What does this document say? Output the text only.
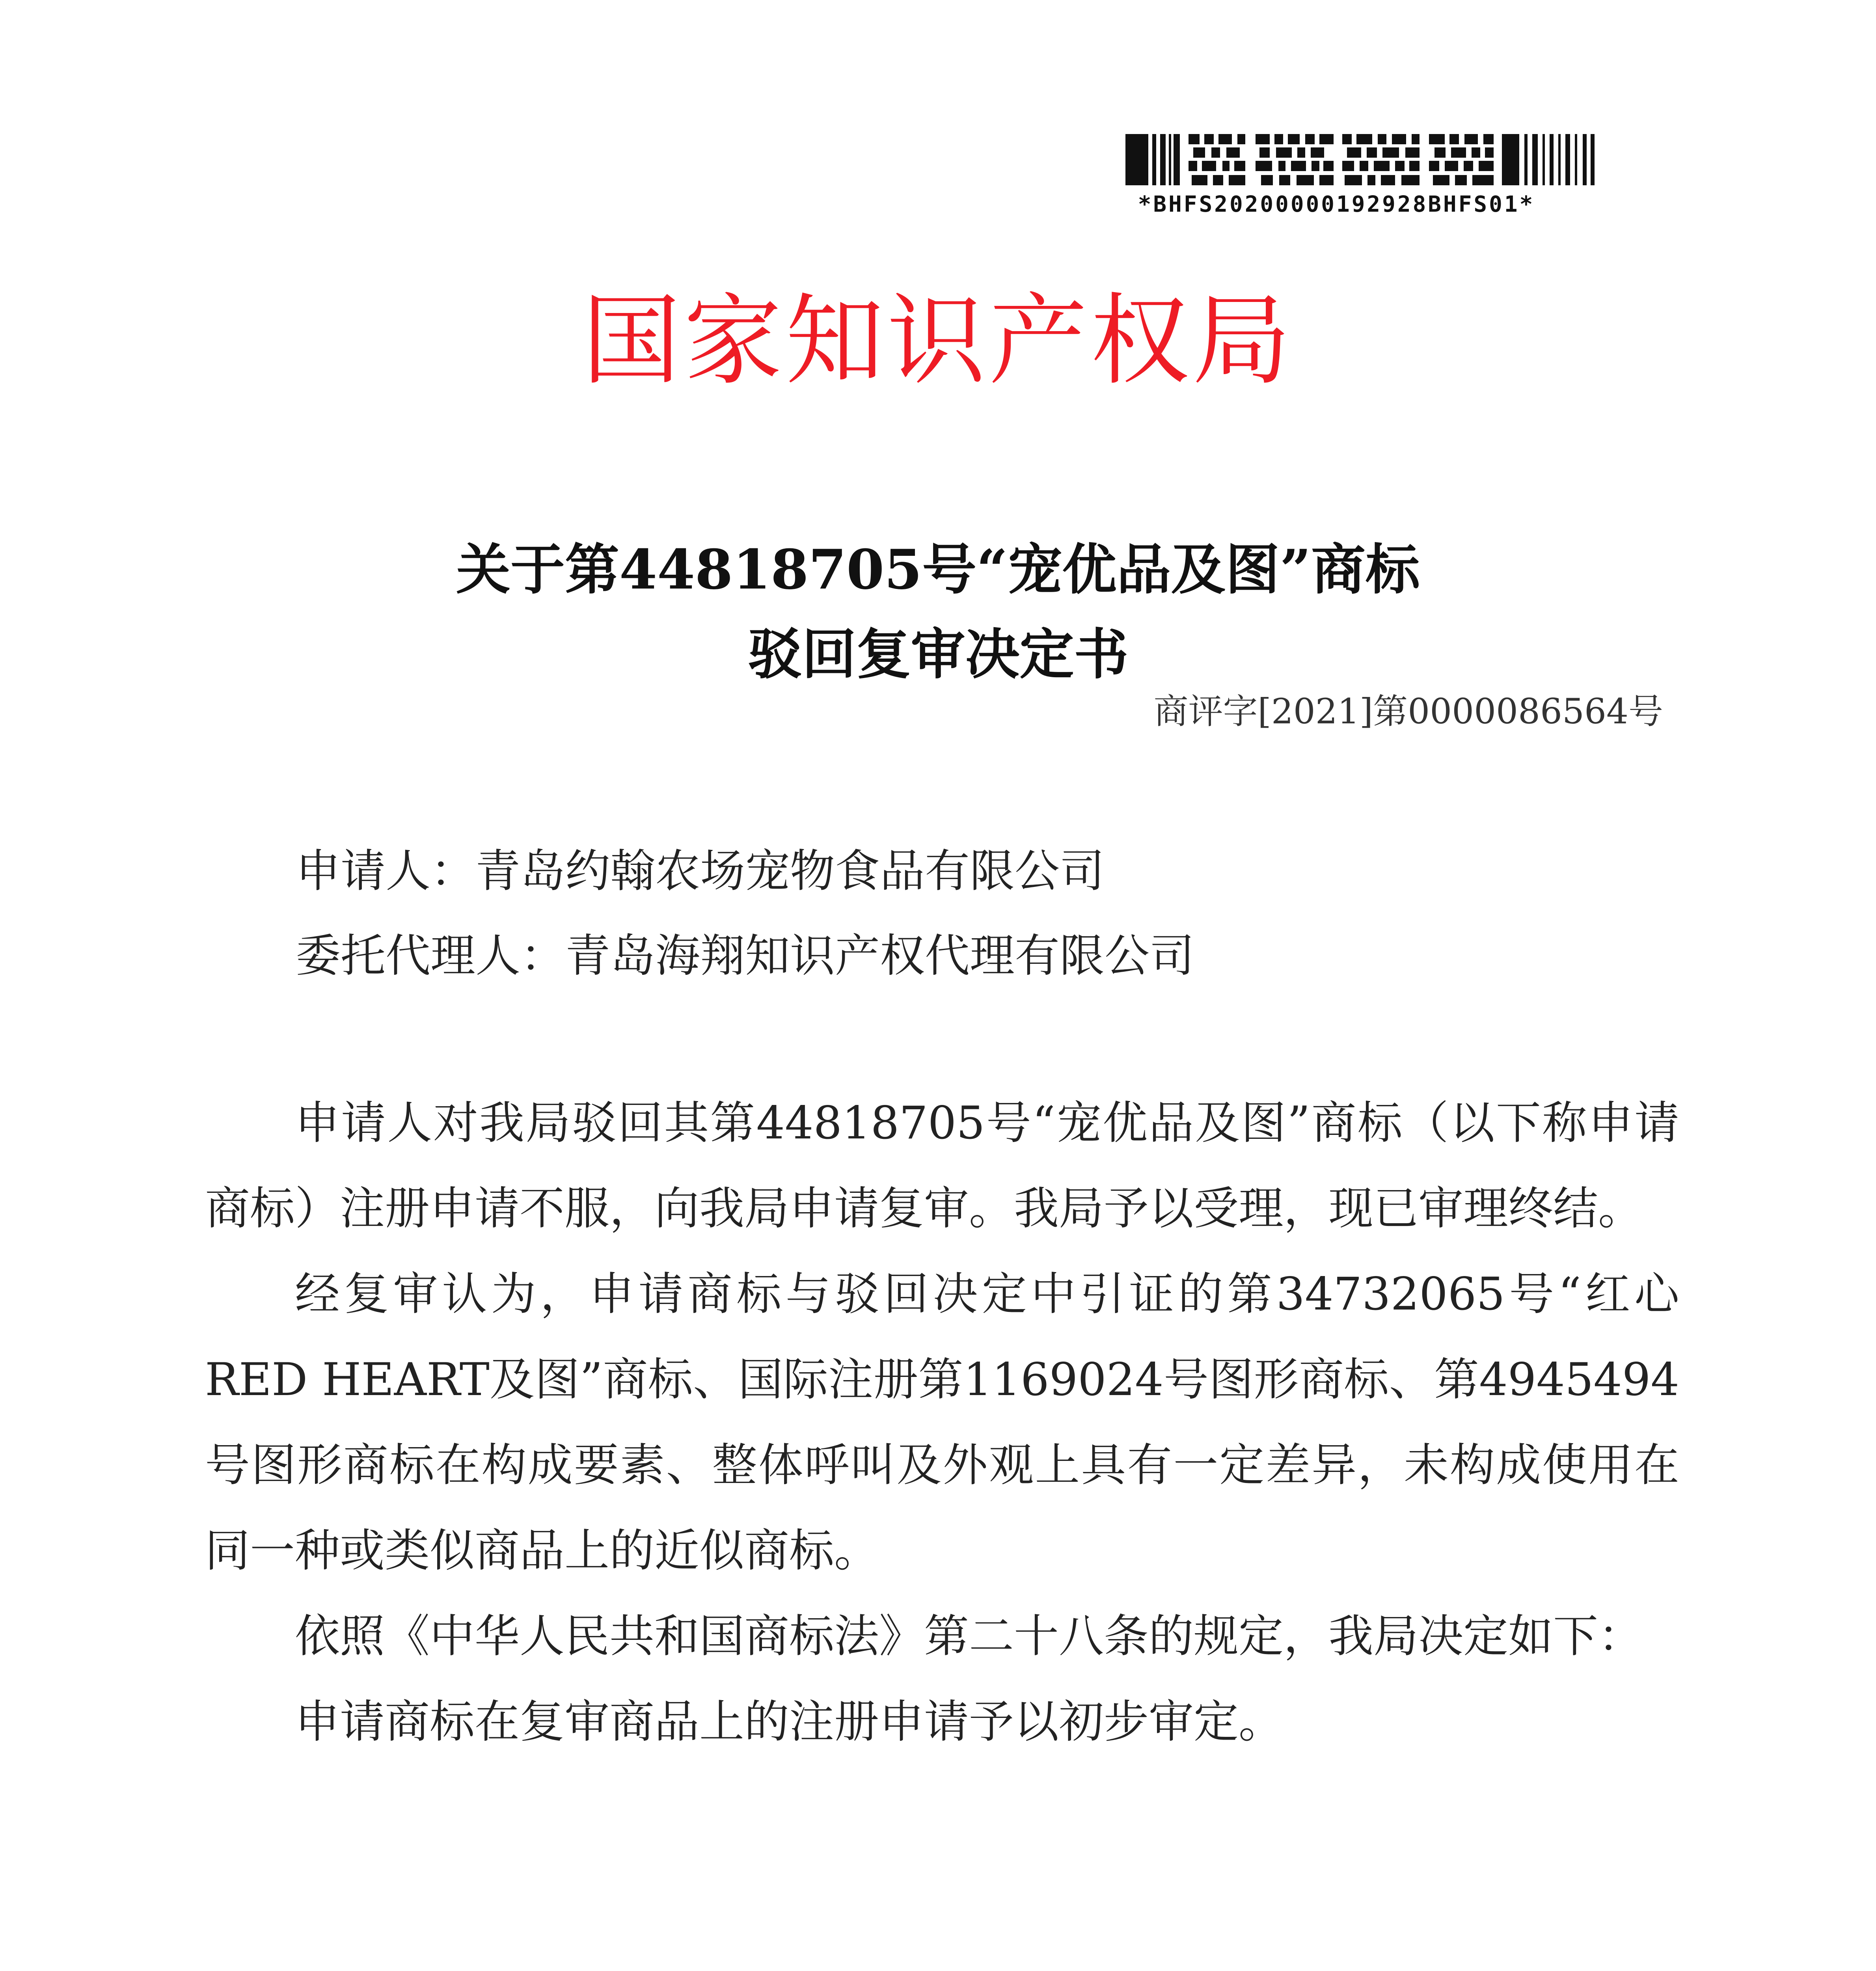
*BHFS20200000192928BHFS01*
国家知识产权局
关于第44818705号“宠优品及图”商标
驳回复审决定书
商评字[2021]第0000086564号
申请人：青岛约翰农场宠物食品有限公司
委托代理人：青岛海翔知识产权代理有限公司

申请人对我局驳回其第44818705号“宠优品及图”商标（以下称申请商标）注册申请不服，向我局申请复审。我局予以受理，现已审理终结。

经复审认为，申请商标与驳回决定中引证的第34732065号“红心 RED HEART及图”商标、国际注册第1169024号图形商标、第4945494号图形商标在构成要素、整体呼叫及外观上具有一定差异，未构成使用在同一种或类似商品上的近似商标。

依照《中华人民共和国商标法》第二十八条的规定，我局决定如下：

申请商标在复审商品上的注册申请予以初步审定。
